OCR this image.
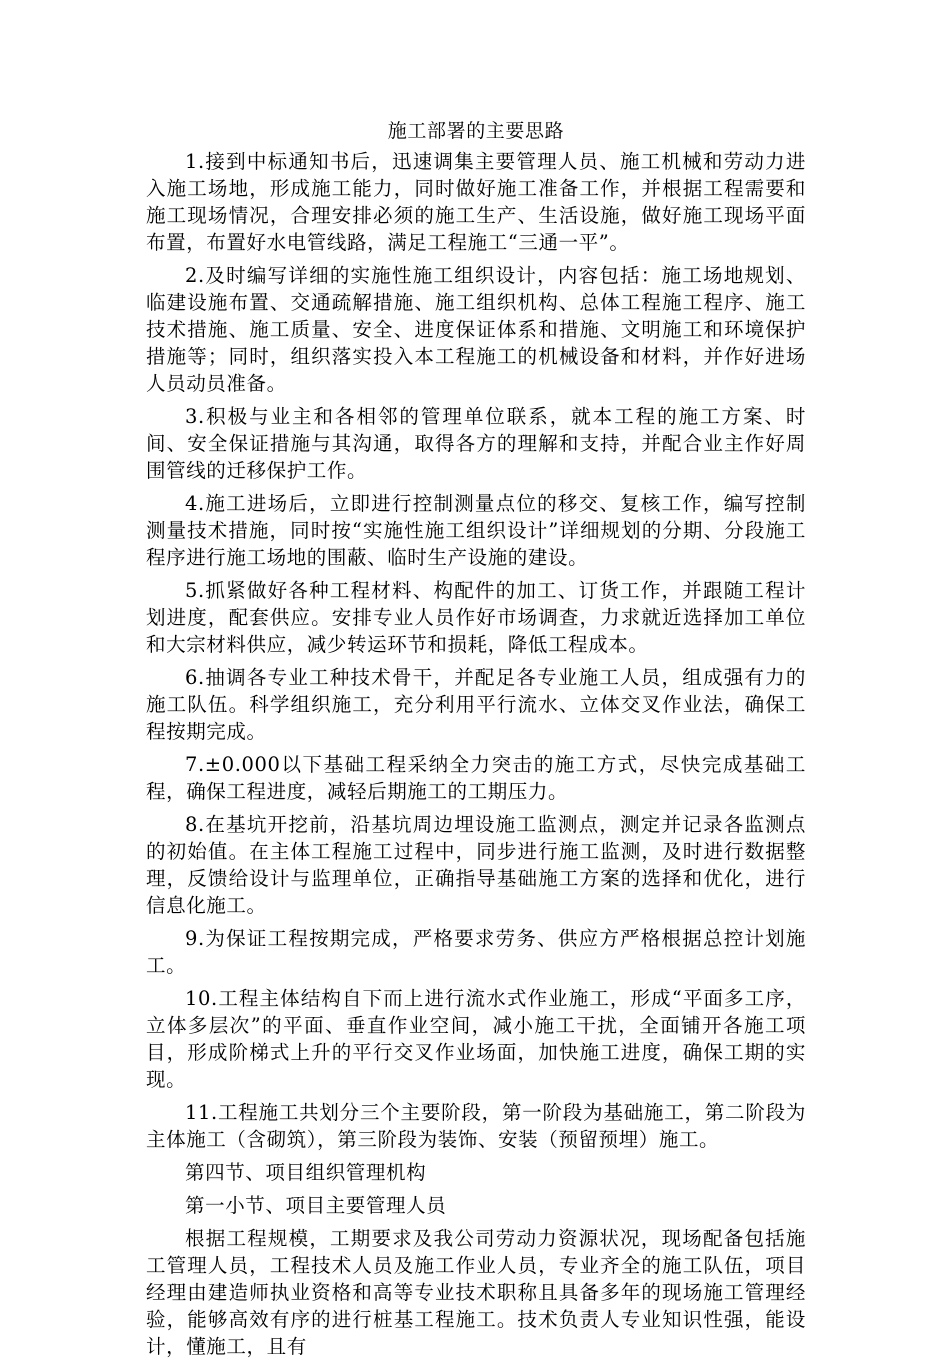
施工部署的主要思路
1.接到中标通知书后，迅速调集主要管理人员、施工机械和劳动力进入施工场地，形成施工能力，同时做好施工准备工作，并根据工程需要和施工现场情况，合理安排必须的施工生产、生活设施，做好施工现场平面布置，布置好水电管线路，满足工程施工“三通一平”。
2.及时编写详细的实施性施工组织设计，内容包括：施工场地规划、临建设施布置、交通疏解措施、施工组织机构、总体工程施工程序、施工技术措施、施工质量、安全、进度保证体系和措施、文明施工和环境保护措施等；同时，组织落实投入本工程施工的机械设备和材料，并作好进场人员动员准备。
3.积极与业主和各相邻的管理单位联系，就本工程的施工方案、时间、安全保证措施与其沟通，取得各方的理解和支持，并配合业主作好周围管线的迁移保护工作。
4.施工进场后，立即进行控制测量点位的移交、复核工作，编写控制测量技术措施，同时按“实施性施工组织设计”详细规划的分期、分段施工程序进行施工场地的围蔽、临时生产设施的建设。
5.抓紧做好各种工程材料、构配件的加工、订货工作，并跟随工程计划进度，配套供应。安排专业人员作好市场调查，力求就近选择加工单位和大宗材料供应，减少转运环节和损耗，降低工程成本。
6.抽调各专业工种技术骨干，并配足各专业施工人员，组成强有力的施工队伍。科学组织施工，充分利用平行流水、立体交叉作业法，确保工程按期完成。
7.±0.000以下基础工程采纳全力突击的施工方式，尽快完成基础工程，确保工程进度，减轻后期施工的工期压力。
8.在基坑开挖前，沿基坑周边埋设施工监测点，测定并记录各监测点的初始值。在主体工程施工过程中，同步进行施工监测，及时进行数据整理，反馈给设计与监理单位，正确指导基础施工方案的选择和优化，进行信息化施工。
9.为保证工程按期完成，严格要求劳务、供应方严格根据总控计划施工。
10.工程主体结构自下而上进行流水式作业施工，形成“平面多工序，立体多层次”的平面、垂直作业空间，减小施工干扰，全面铺开各施工项目，形成阶梯式上升的平行交叉作业场面，加快施工进度，确保工期的实现。
11.工程施工共划分三个主要阶段，第一阶段为基础施工，第二阶段为主体施工（含砌筑），第三阶段为装饰、安装（预留预埋）施工。
第四节、项目组织管理机构
第一小节、项目主要管理人员
根据工程规模，工期要求及我公司劳动力资源状况，现场配备包括施工管理人员，工程技术人员及施工作业人员，专业齐全的施工队伍，项目经理由建造师执业资格和高等专业技术职称且具备多年的现场施工管理经验，能够高效有序的进行桩基工程施工。技术负责人专业知识性强，能设计，懂施工，且有
